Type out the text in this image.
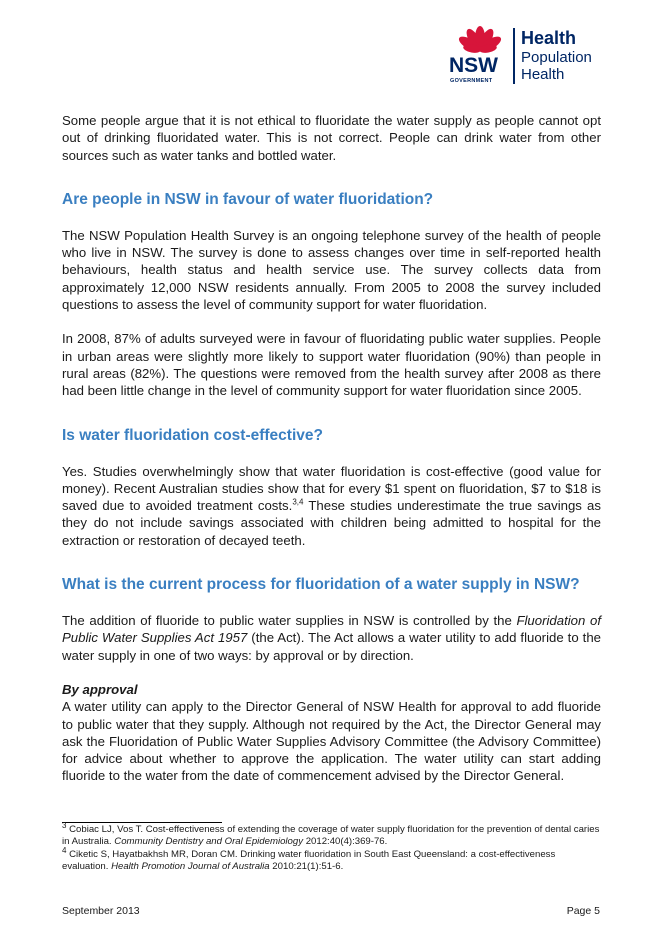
NSW
GOVERNMENT
Health
Population
Health

Some people argue that it is not ethical to fluoridate the water supply as people cannot opt out of drinking fluoridated water. This is not correct. People can drink water from other sources such as water tanks and bottled water.

Are people in NSW in favour of water fluoridation?

The NSW Population Health Survey is an ongoing telephone survey of the health of people who live in NSW. The survey is done to assess changes over time in self-reported health behaviours, health status and health service use. The survey collects data from approximately 12,000 NSW residents annually. From 2005 to 2008 the survey included questions to assess the level of community support for water fluoridation.

In 2008, 87% of adults surveyed were in favour of fluoridating public water supplies. People in urban areas were slightly more likely to support water fluoridation (90%) than people in rural areas (82%). The questions were removed from the health survey after 2008 as there had been little change in the level of community support for water fluoridation since 2005.

Is water fluoridation cost-effective?

Yes. Studies overwhelmingly show that water fluoridation is cost-effective (good value for money). Recent Australian studies show that for every $1 spent on fluoridation, $7 to $18 is saved due to avoided treatment costs.$^{3,4}$ These studies underestimate the true savings as they do not include savings associated with children being admitted to hospital for the extraction or restoration of decayed teeth.

What is the current process for fluoridation of a water supply in NSW?

The addition of fluoride to public water supplies in NSW is controlled by the Fluoridation of Public Water Supplies Act 1957 (the Act). The Act allows a water utility to add fluoride to the water supply in one of two ways: by approval or by direction.

By approval

A water utility can apply to the Director General of NSW Health for approval to add fluoride to public water that they supply. Although not required by the Act, the Director General may ask the Fluoridation of Public Water Supplies Advisory Committee (the Advisory Committee) for advice about whether to approve the application. The water utility can start adding fluoride to the water from the date of commencement advised by the Director General.

$^3$ Cobiac LJ, Vos T. Cost-effectiveness of extending the coverage of water supply fluoridation for the prevention of dental caries in Australia. Community Dentistry and Oral Epidemiology 2012:40(4):369-76.
$^4$ Ciketic S, Hayatbakhsh MR, Doran CM. Drinking water fluoridation in South East Queensland: a cost-effectiveness evaluation. Health Promotion Journal of Australia 2010:21(1):51-6.
September 2013	Page 5
